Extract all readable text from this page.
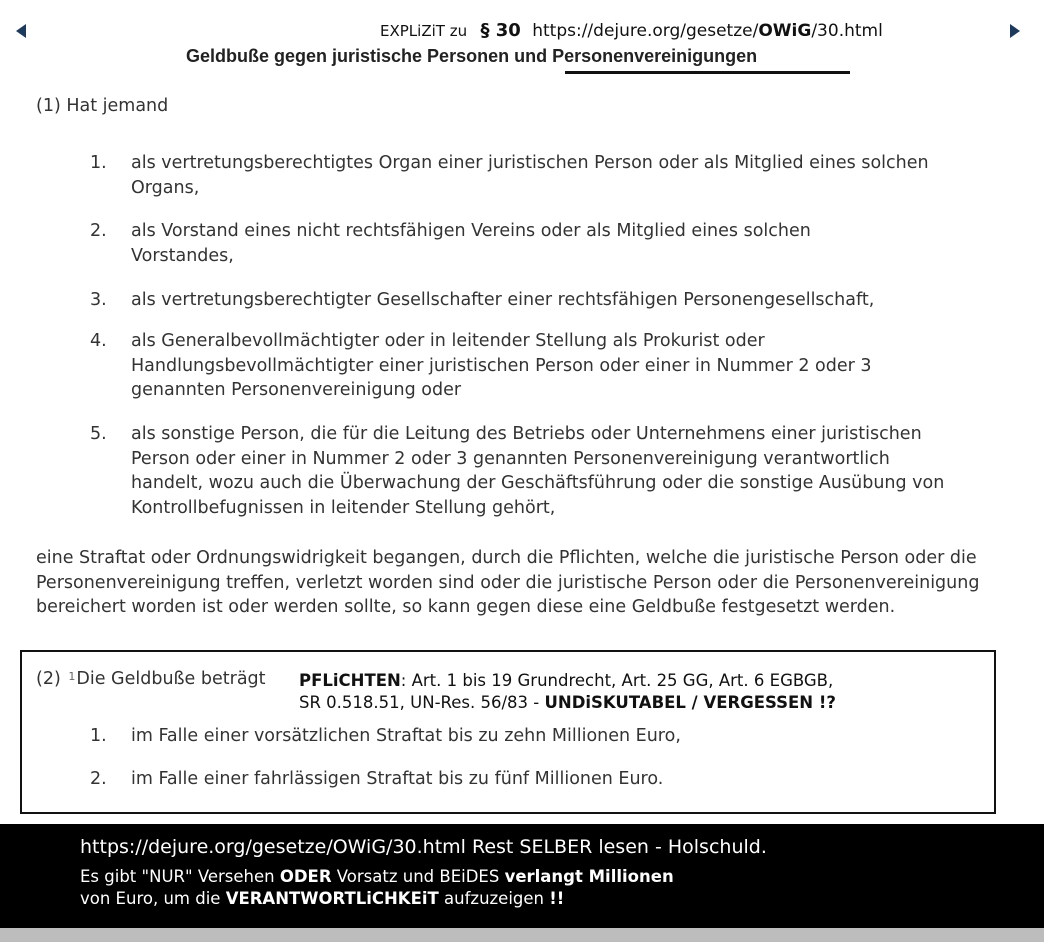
EXPLiZiT zu § 30 https://dejure.org/gesetze/OWiG/30.html
Geldbuße gegen juristische Personen und Personenvereinigungen
(1) Hat jemand
1. als vertretungsberechtigtes Organ einer juristischen Person oder als Mitglied eines solchen Organs,
2. als Vorstand eines nicht rechtsfähigen Vereins oder als Mitglied eines solchen Vorstandes,
3. als vertretungsberechtigter Gesellschafter einer rechtsfähigen Personengesellschaft,
4. als Generalbevollmächtigter oder in leitender Stellung als Prokurist oder Handlungsbevollmächtigter einer juristischen Person oder einer in Nummer 2 oder 3 genannten Personenvereinigung oder
5. als sonstige Person, die für die Leitung des Betriebs oder Unternehmens einer juristischen Person oder einer in Nummer 2 oder 3 genannten Personenvereinigung verantwortlich handelt, wozu auch die Überwachung der Geschäftsführung oder die sonstige Ausübung von Kontrollbefugnissen in leitender Stellung gehört,
eine Straftat oder Ordnungswidrigkeit begangen, durch die Pflichten, welche die juristische Person oder die Personenvereinigung treffen, verletzt worden sind oder die juristische Person oder die Personenvereinigung bereichert worden ist oder werden sollte, so kann gegen diese eine Geldbuße festgesetzt werden.
(2) $^1$Die Geldbuße beträgt PFLiCHTEN: Art. 1 bis 19 Grundrecht, Art. 25 GG, Art. 6 EGBGB,
SR 0.518.51, UN-Res. 56/83 - UNDiSKUTABEL / VERGESSEN !?
1. im Falle einer vorsätzlichen Straftat bis zu zehn Millionen Euro,
2. im Falle einer fahrlässigen Straftat bis zu fünf Millionen Euro.
https://dejure.org/gesetze/OWiG/30.html Rest SELBER lesen - Holschuld.
Es gibt "NUR" Versehen ODER Vorsatz und BEiDES verlangt Millionen
von Euro, um die VERANTWORTLiCHKEiT aufzuzeigen !!
